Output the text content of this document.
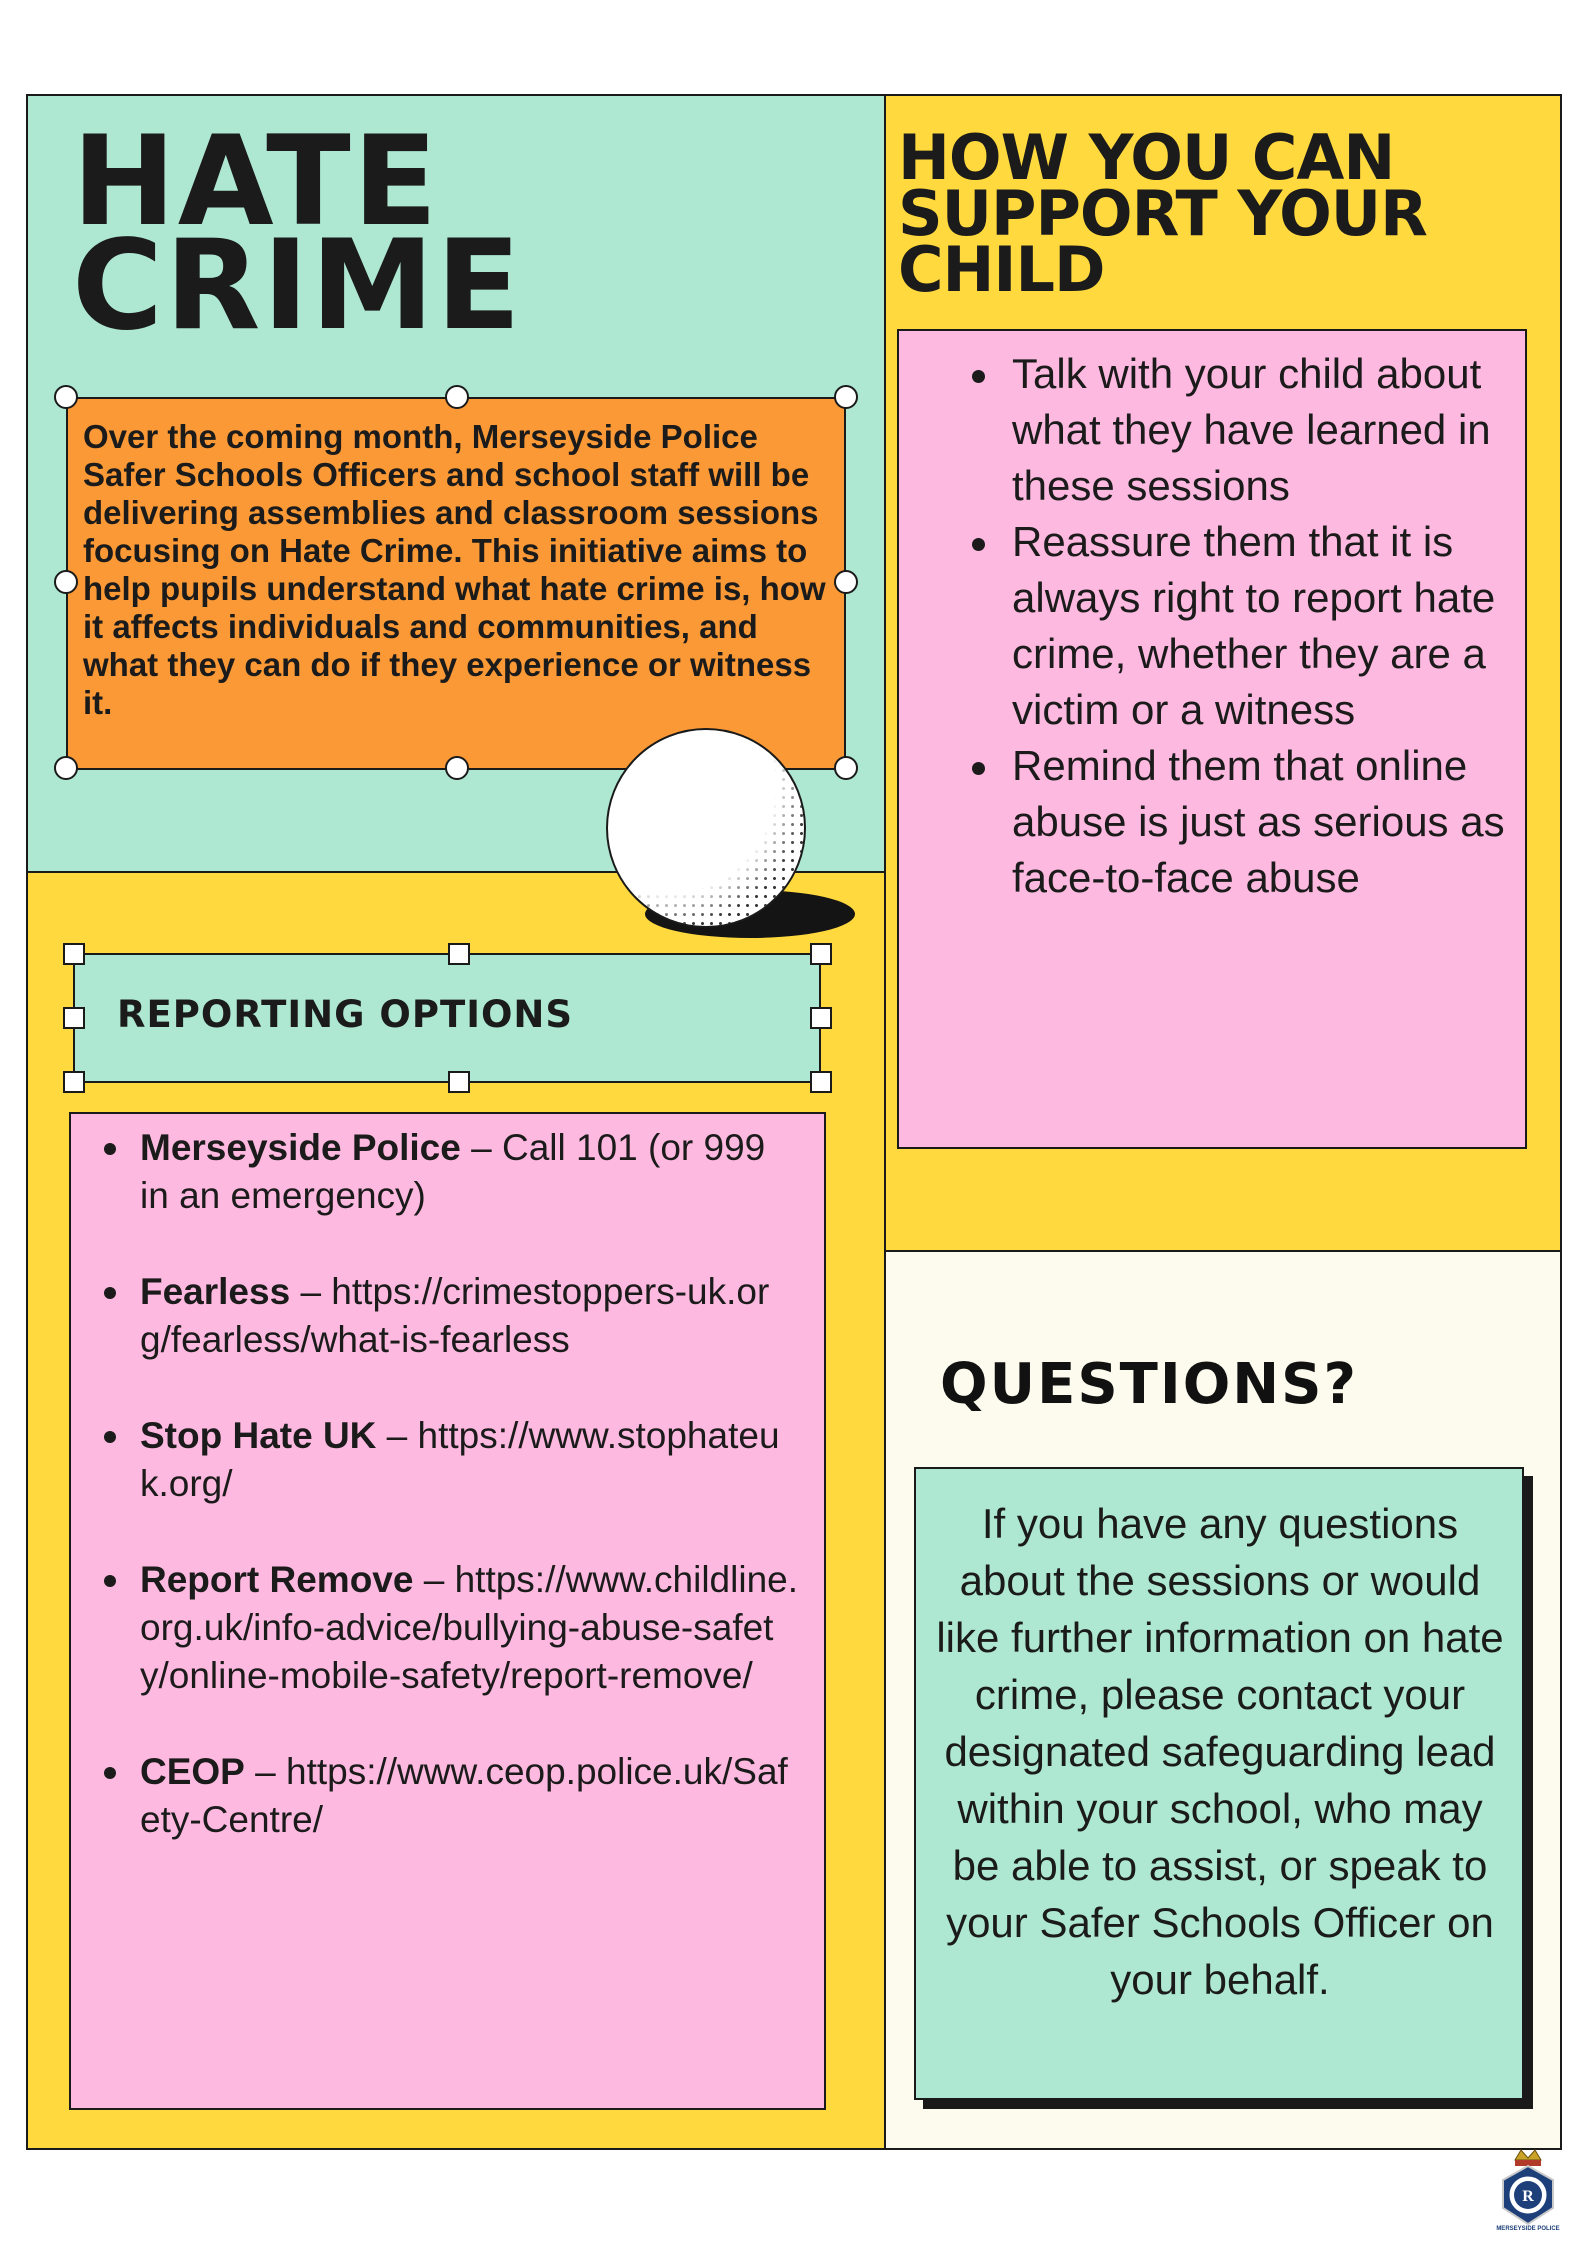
HATE
CRIME
Over the coming month, Merseyside Police Safer Schools Officers and school staff will be delivering assemblies and classroom sessions focusing on Hate Crime. This initiative aims to help pupils understand what hate crime is, how it affects individuals and communities, and what they can do if they experience or witness it.
REPORTING OPTIONS
Merseyside Police – Call 101 (or 999 in an emergency)
Fearless – https://crimestoppers-uk.org/fearless/what-is-fearless
Stop Hate UK – https://www.stophateuk.org/
Report Remove – https://www.childline.org.uk/info-advice/bullying-abuse-safety/online-mobile-safety/report-remove/
CEOP – https://www.ceop.police.uk/Safety-Centre/
HOW YOU CAN
SUPPORT YOUR
CHILD
Talk with your child about what they have learned in these sessions
Reassure them that it is always right to report hate crime, whether they are a victim or a witness
Remind them that online abuse is just as serious as face-to-face abuse
QUESTIONS?
If you have any questions about the sessions or would like further information on hate crime, please contact your designated safeguarding lead within your school, who may be able to assist, or speak to your Safer Schools Officer on your behalf.
R
MERSEYSIDE POLICE
